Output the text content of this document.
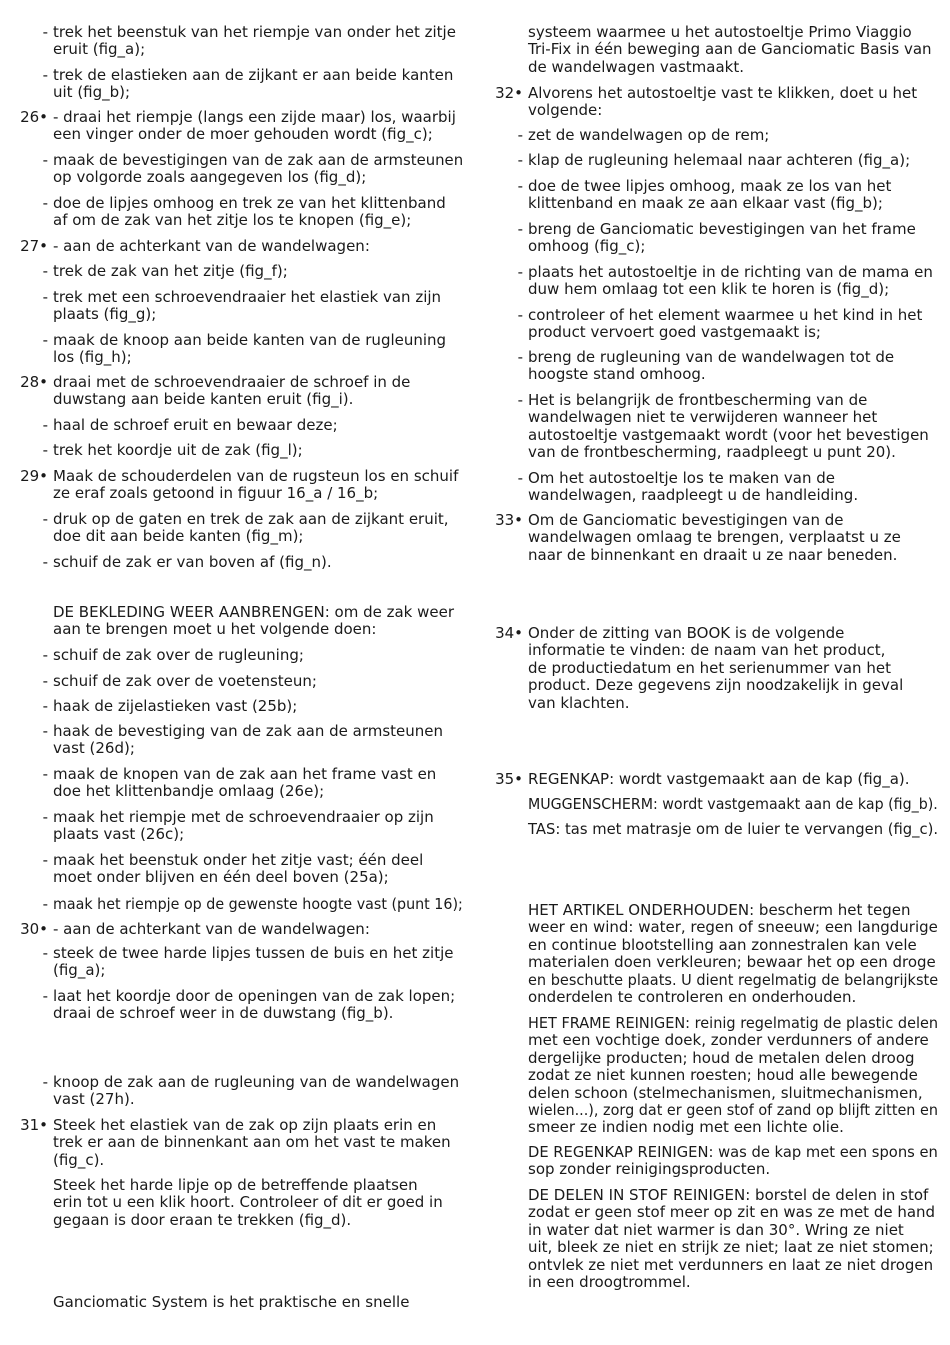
- trek het beenstuk van het riempje van onder het zitje
eruit (fig_a);
- trek de elastieken aan de zijkant er aan beide kanten
uit (fig_b);
26• - draai het riempje (langs een zijde maar) los, waarbij
een vinger onder de moer gehouden wordt (fig_c);
- maak de bevestigingen van de zak aan de armsteunen
op volgorde zoals aangegeven los (fig_d);
- doe de lipjes omhoog en trek ze van het klittenband
af om de zak van het zitje los te knopen (fig_e);
27• - aan de achterkant van de wandelwagen:
- trek de zak van het zitje (fig_f);
- trek met een schroevendraaier het elastiek van zijn
plaats (fig_g);
- maak de knoop aan beide kanten van de rugleuning
los (fig_h);
28• draai met de schroevendraaier de schroef in de
duwstang aan beide kanten eruit (fig_i).
- haal de schroef eruit en bewaar deze;
- trek het koordje uit de zak (fig_l);
29• Maak de schouderdelen van de rugsteun los en schuif
ze eraf zoals getoond in figuur 16_a / 16_b;
- druk op de gaten en trek de zak aan de zijkant eruit,
doe dit aan beide kanten (fig_m);
- schuif de zak er van boven af (fig_n).
DE BEKLEDING WEER AANBRENGEN: om de zak weer
aan te brengen moet u het volgende doen:
- schuif de zak over de rugleuning;
- schuif de zak over de voetensteun;
- haak de zijelastieken vast (25b);
- haak de bevestiging van de zak aan de armsteunen
vast (26d);
- maak de knopen van de zak aan het frame vast en
doe het klittenbandje omlaag (26e);
- maak het riempje met de schroevendraaier op zijn
plaats vast (26c);
- maak het beenstuk onder het zitje vast; één deel
moet onder blijven en één deel boven (25a);
- maak het riempje op de gewenste hoogte vast (punt 16);
30• - aan de achterkant van de wandelwagen:
- steek de twee harde lipjes tussen de buis en het zitje
(fig_a);
- laat het koordje door de openingen van de zak lopen;
draai de schroef weer in de duwstang (fig_b).
- knoop de zak aan de rugleuning van de wandelwagen
vast (27h).
31• Steek het elastiek van de zak op zijn plaats erin en
trek er aan de binnenkant aan om het vast te maken
(fig_c).
Steek het harde lipje op de betreffende plaatsen
erin tot u een klik hoort. Controleer of dit er goed in
gegaan is door eraan te trekken (fig_d).
Ganciomatic System is het praktische en snelle
systeem waarmee u het autostoeltje Primo Viaggio
Tri-Fix in één beweging aan de Ganciomatic Basis van
de wandelwagen vastmaakt.
32• Alvorens het autostoeltje vast te klikken, doet u het
volgende:
- zet de wandelwagen op de rem;
- klap de rugleuning helemaal naar achteren (fig_a);
- doe de twee lipjes omhoog, maak ze los van het
klittenband en maak ze aan elkaar vast (fig_b);
- breng de Ganciomatic bevestigingen van het frame
omhoog (fig_c);
- plaats het autostoeltje in de richting van de mama en
duw hem omlaag tot een klik te horen is (fig_d);
- controleer of het element waarmee u het kind in het
product vervoert goed vastgemaakt is;
- breng de rugleuning van de wandelwagen tot de
hoogste stand omhoog.
- Het is belangrijk de frontbescherming van de
wandelwagen niet te verwijderen wanneer het
autostoeltje vastgemaakt wordt (voor het bevestigen
van de frontbescherming, raadpleegt u punt 20).
- Om het autostoeltje los te maken van de
wandelwagen, raadpleegt u de handleiding.
33• Om de Ganciomatic bevestigingen van de
wandelwagen omlaag te brengen, verplaatst u ze
naar de binnenkant en draait u ze naar beneden.
34• Onder de zitting van BOOK is de volgende
informatie te vinden: de naam van het product,
de productiedatum en het serienummer van het
product. Deze gegevens zijn noodzakelijk in geval
van klachten.
35• REGENKAP: wordt vastgemaakt aan de kap (fig_a).
MUGGENSCHERM: wordt vastgemaakt aan de kap (fig_b).
TAS: tas met matrasje om de luier te vervangen (fig_c).
HET ARTIKEL ONDERHOUDEN: bescherm het tegen
weer en wind: water, regen of sneeuw; een langdurige
en continue blootstelling aan zonnestralen kan vele
materialen doen verkleuren; bewaar het op een droge
en beschutte plaats. U dient regelmatig de belangrijkste
onderdelen te controleren en onderhouden.
HET FRAME REINIGEN: reinig regelmatig de plastic delen
met een vochtige doek, zonder verdunners of andere
dergelijke producten; houd de metalen delen droog
zodat ze niet kunnen roesten; houd alle bewegende
delen schoon (stelmechanismen, sluitmechanismen,
wielen...), zorg dat er geen stof of zand op blijft zitten en
smeer ze indien nodig met een lichte olie.
DE REGENKAP REINIGEN: was de kap met een spons en
sop zonder reinigingsproducten.
DE DELEN IN STOF REINIGEN: borstel de delen in stof
zodat er geen stof meer op zit en was ze met de hand
in water dat niet warmer is dan 30°. Wring ze niet
uit, bleek ze niet en strijk ze niet; laat ze niet stomen;
ontvlek ze niet met verdunners en laat ze niet drogen
in een droogtrommel.
